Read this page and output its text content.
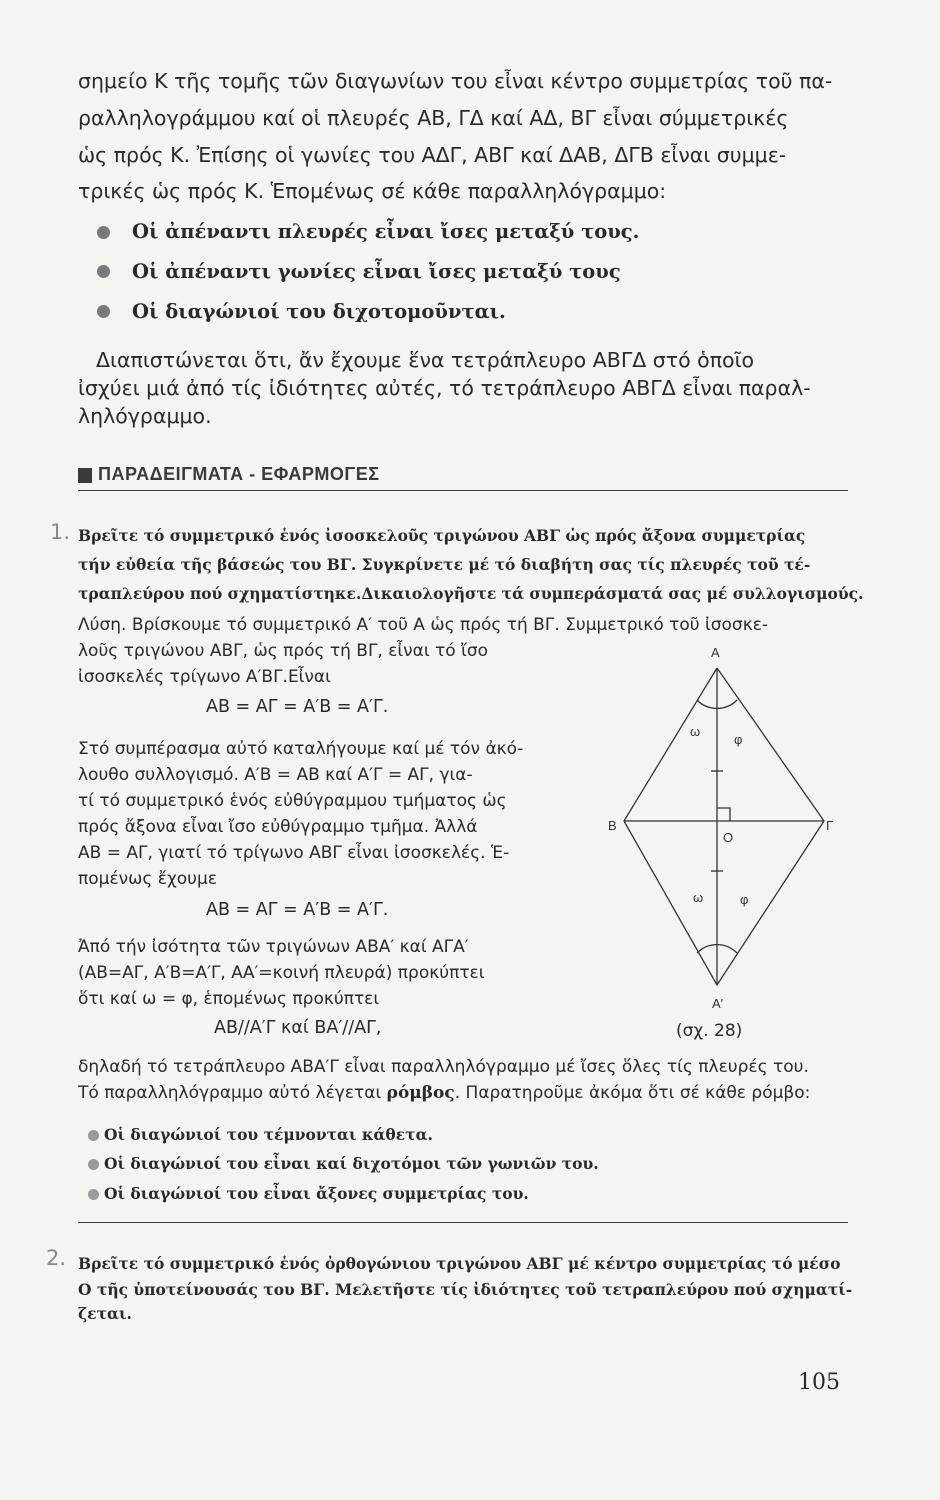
σημείο Κ τῆς τομῆς τῶν διαγωνίων του εἶναι κέντρο συμμετρίας τοῦ πα-
ραλληλογράμμου καί οἱ πλευρές ΑΒ, ΓΔ καί ΑΔ, ΒΓ εἶναι σύμμετρικές
ὡς πρός Κ. Ἐπίσης οἱ γωνίες του ΑΔΓ, ΑΒΓ καί ΔΑΒ, ΔΓΒ εἶναι συμμε-
τρικές ὡς πρός Κ. Ἑπομένως σέ κάθε παραλληλόγραμμο:
Οἱ ἀπέναντι πλευρές εἶναι ἴσες μεταξύ τους.
Οἱ ἀπέναντι γωνίες εἶναι ἴσες μεταξύ τους
Οἱ διαγώνιοί του διχοτομοῦνται.
Διαπιστώνεται ὅτι, ἄν ἔχουμε ἕνα τετράπλευρο ΑΒΓΔ στό ὁποῖο
ἰσχύει μιά ἀπό τίς ἰδιότητες αὐτές, τό τετράπλευρο ΑΒΓΔ εἶναι παραλ-
ληλόγραμμο.
ΠΑΡΑΔΕΙΓΜΑΤΑ - ΕΦΑΡΜΟΓΕΣ
1. Βρεῖτε τό συμμετρικό ἑνός ἰσοσκελοῦς τριγώνου ΑΒΓ ὡς πρός ἄξονα συμμετρίας
τήν εὐθεία τῆς βάσεώς του ΒΓ. Συγκρίνετε μέ τό διαβήτη σας τίς πλευρές τοῦ τέ-
τραπλεύρου πού σχηματίστηκε.Δικαιολογῆστε τά συμπεράσματά σας μέ συλλογισμούς.
Λύση. Βρίσκουμε τό συμμετρικό Α′ τοῦ Α ὡς πρός τή ΒΓ. Συμμετρικό τοῦ ἰσοσκε-
λοῦς τριγώνου ΑΒΓ, ὡς πρός τή ΒΓ, εἶναι τό ἴσο
ἰσοσκελές τρίγωνο Α′ΒΓ.Εἶναι
ΑΒ = ΑΓ = Α′Β = Α′Γ.
Στό συμπέρασμα αὐτό καταλήγουμε καί μέ τόν ἀκό-
λουθο συλλογισμό. Α′Β = ΑΒ καί Α′Γ = ΑΓ, για-
τί τό συμμετρικό ἑνός εὐθύγραμμου τμήματος ὡς
πρός ἄξονα εἶναι ἴσο εὐθύγραμμο τμῆμα. Ἀλλά
ΑΒ = ΑΓ, γιατί τό τρίγωνο ΑΒΓ εἶναι ἰσοσκελές. Ἑ-
πομένως ἔχουμε
ΑΒ = ΑΓ = Α′Β = Α′Γ.
Ἀπό τήν ἰσότητα τῶν τριγώνων ΑΒΑ′ καί ΑΓΑ′
(ΑΒ=ΑΓ, Α′Β=Α′Γ, ΑΑ′=κοινή πλευρά) προκύπτει
ὅτι καί ω = φ, ἑπομένως προκύπτει
ΑΒ//Α′Γ καί ΒΑ′//ΑΓ,
Α
Β	Γ
Ο
Α′
ω
φ
ω	φ
(σχ. 28)
δηλαδή τό τετράπλευρο ΑΒΑ′Γ εἶναι παραλληλόγραμμο μέ ἴσες ὅλες τίς πλευρές του.
Τό παραλληλόγραμμο αὐτό λέγεται ρόμβος. Παρατηροῦμε ἀκόμα ὅτι σέ κάθε ρόμβο:
Οἱ διαγώνιοί του τέμνονται κάθετα.
Οἱ διαγώνιοί του εἶναι καί διχοτόμοι τῶν γωνιῶν του.
Οἱ διαγώνιοί του εἶναι ἄξονες συμμετρίας του.
2. Βρεῖτε τό συμμετρικό ἑνός ὀρθογώνιου τριγώνου ΑΒΓ μέ κέντρο συμμετρίας τό μέσο
Ο τῆς ὑποτείνουσάς του ΒΓ. Μελετῆστε τίς ἰδιότητες τοῦ τετραπλεύρου πού σχηματί-
ζεται.
105
